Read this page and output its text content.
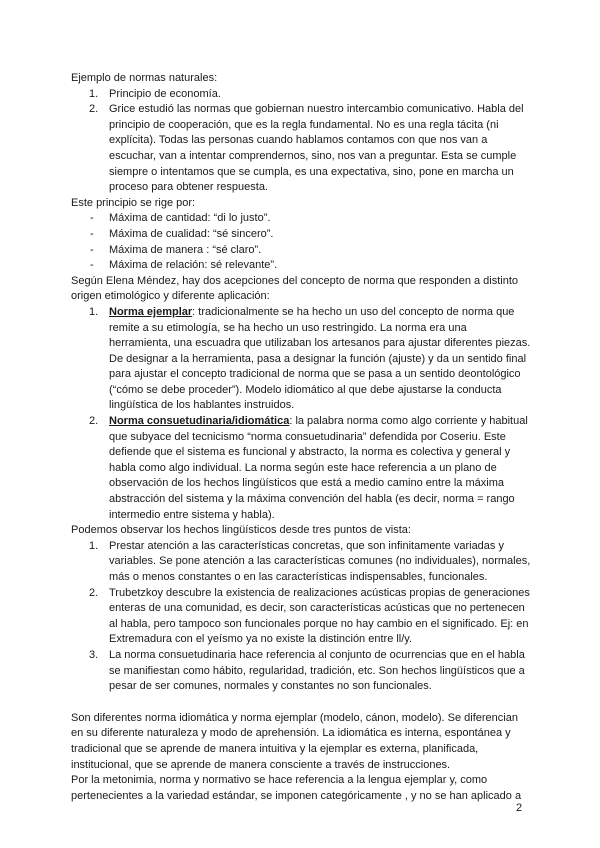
Ejemplo de normas naturales:

1. Principio de economía.
2. Grice estudió las normas que gobiernan nuestro intercambio comunicativo. Habla del principio de cooperación, que es la regla fundamental. No es una regla tácita (ni explícita). Todas las personas cuando hablamos contamos con que nos van a escuchar, van a intentar comprendernos, sino, nos van a preguntar. Esta se cumple siempre o intentamos que se cumpla, es una expectativa, sino, pone en marcha un proceso para obtener respuesta.

Este principio se rige por:

- Máxima de cantidad: “di lo justo”.
- Máxima de cualidad: “sé sincero”.
- Máxima de manera : “sé claro”.
- Máxima de relación: sé relevante”.

Según Elena Méndez, hay dos acepciones del concepto de norma que responden a distinto origen etimológico y diferente aplicación:

1. Norma ejemplar: tradicionalmente se ha hecho un uso del concepto de norma que remite a su etimología, se ha hecho un uso restringido. La norma era una herramienta, una escuadra que utilizaban los artesanos para ajustar diferentes piezas. De designar a la herramienta, pasa a designar la función (ajuste) y da un sentido final para ajustar el concepto tradicional de norma que se pasa a un sentido deontológico (“cómo se debe proceder”). Modelo idiomático al que debe ajustarse la conducta lingüística de los hablantes instruidos.
2. Norma consuetudinaria/idiomática: la palabra norma como algo corriente y habitual que subyace del tecnicismo “norma consuetudinaria” defendida por Coseriu. Este defiende que el sistema es funcional y abstracto, la norma es colectiva y general y habla como algo individual. La norma según este hace referencia a un plano de observación de los hechos lingüísticos que está a medio camino entre la máxima abstracción del sistema y la máxima convención del habla (es decir, norma = rango intermedio entre sistema y habla).

Podemos observar los hechos lingüísticos desde tres puntos de vista:

1. Prestar atención a las características concretas, que son infinitamente variadas y variables. Se pone atención a las características comunes (no individuales), normales, más o menos constantes o en las características indispensables, funcionales.
2. Trubetzkoy descubre la existencia de realizaciones acústicas propias de generaciones enteras de una comunidad, es decir, son características acústicas que no pertenecen al habla, pero tampoco son funcionales porque no hay cambio en el significado. Ej: en Extremadura con el yeísmo ya no existe la distinción entre ll/y.
3. La norma consuetudinaria hace referencia al conjunto de ocurrencias que en el habla se manifiestan como hábito, regularidad, tradición, etc. Son hechos lingüísticos que a pesar de ser comunes, normales y constantes no son funcionales.

Son diferentes norma idiomática y norma ejemplar (modelo, cánon, modelo). Se diferencian en su diferente naturaleza y modo de aprehensión. La idiomática es interna, espontánea y tradicional que se aprende de manera intuitiva y la ejemplar es externa, planificada, institucional, que se aprende de manera consciente a través de instrucciones.

Por la metonimia, norma y normativo se hace referencia a la lengua ejemplar y, como pertenecientes a la variedad estándar, se imponen categóricamente , y no se han aplicado a

2
